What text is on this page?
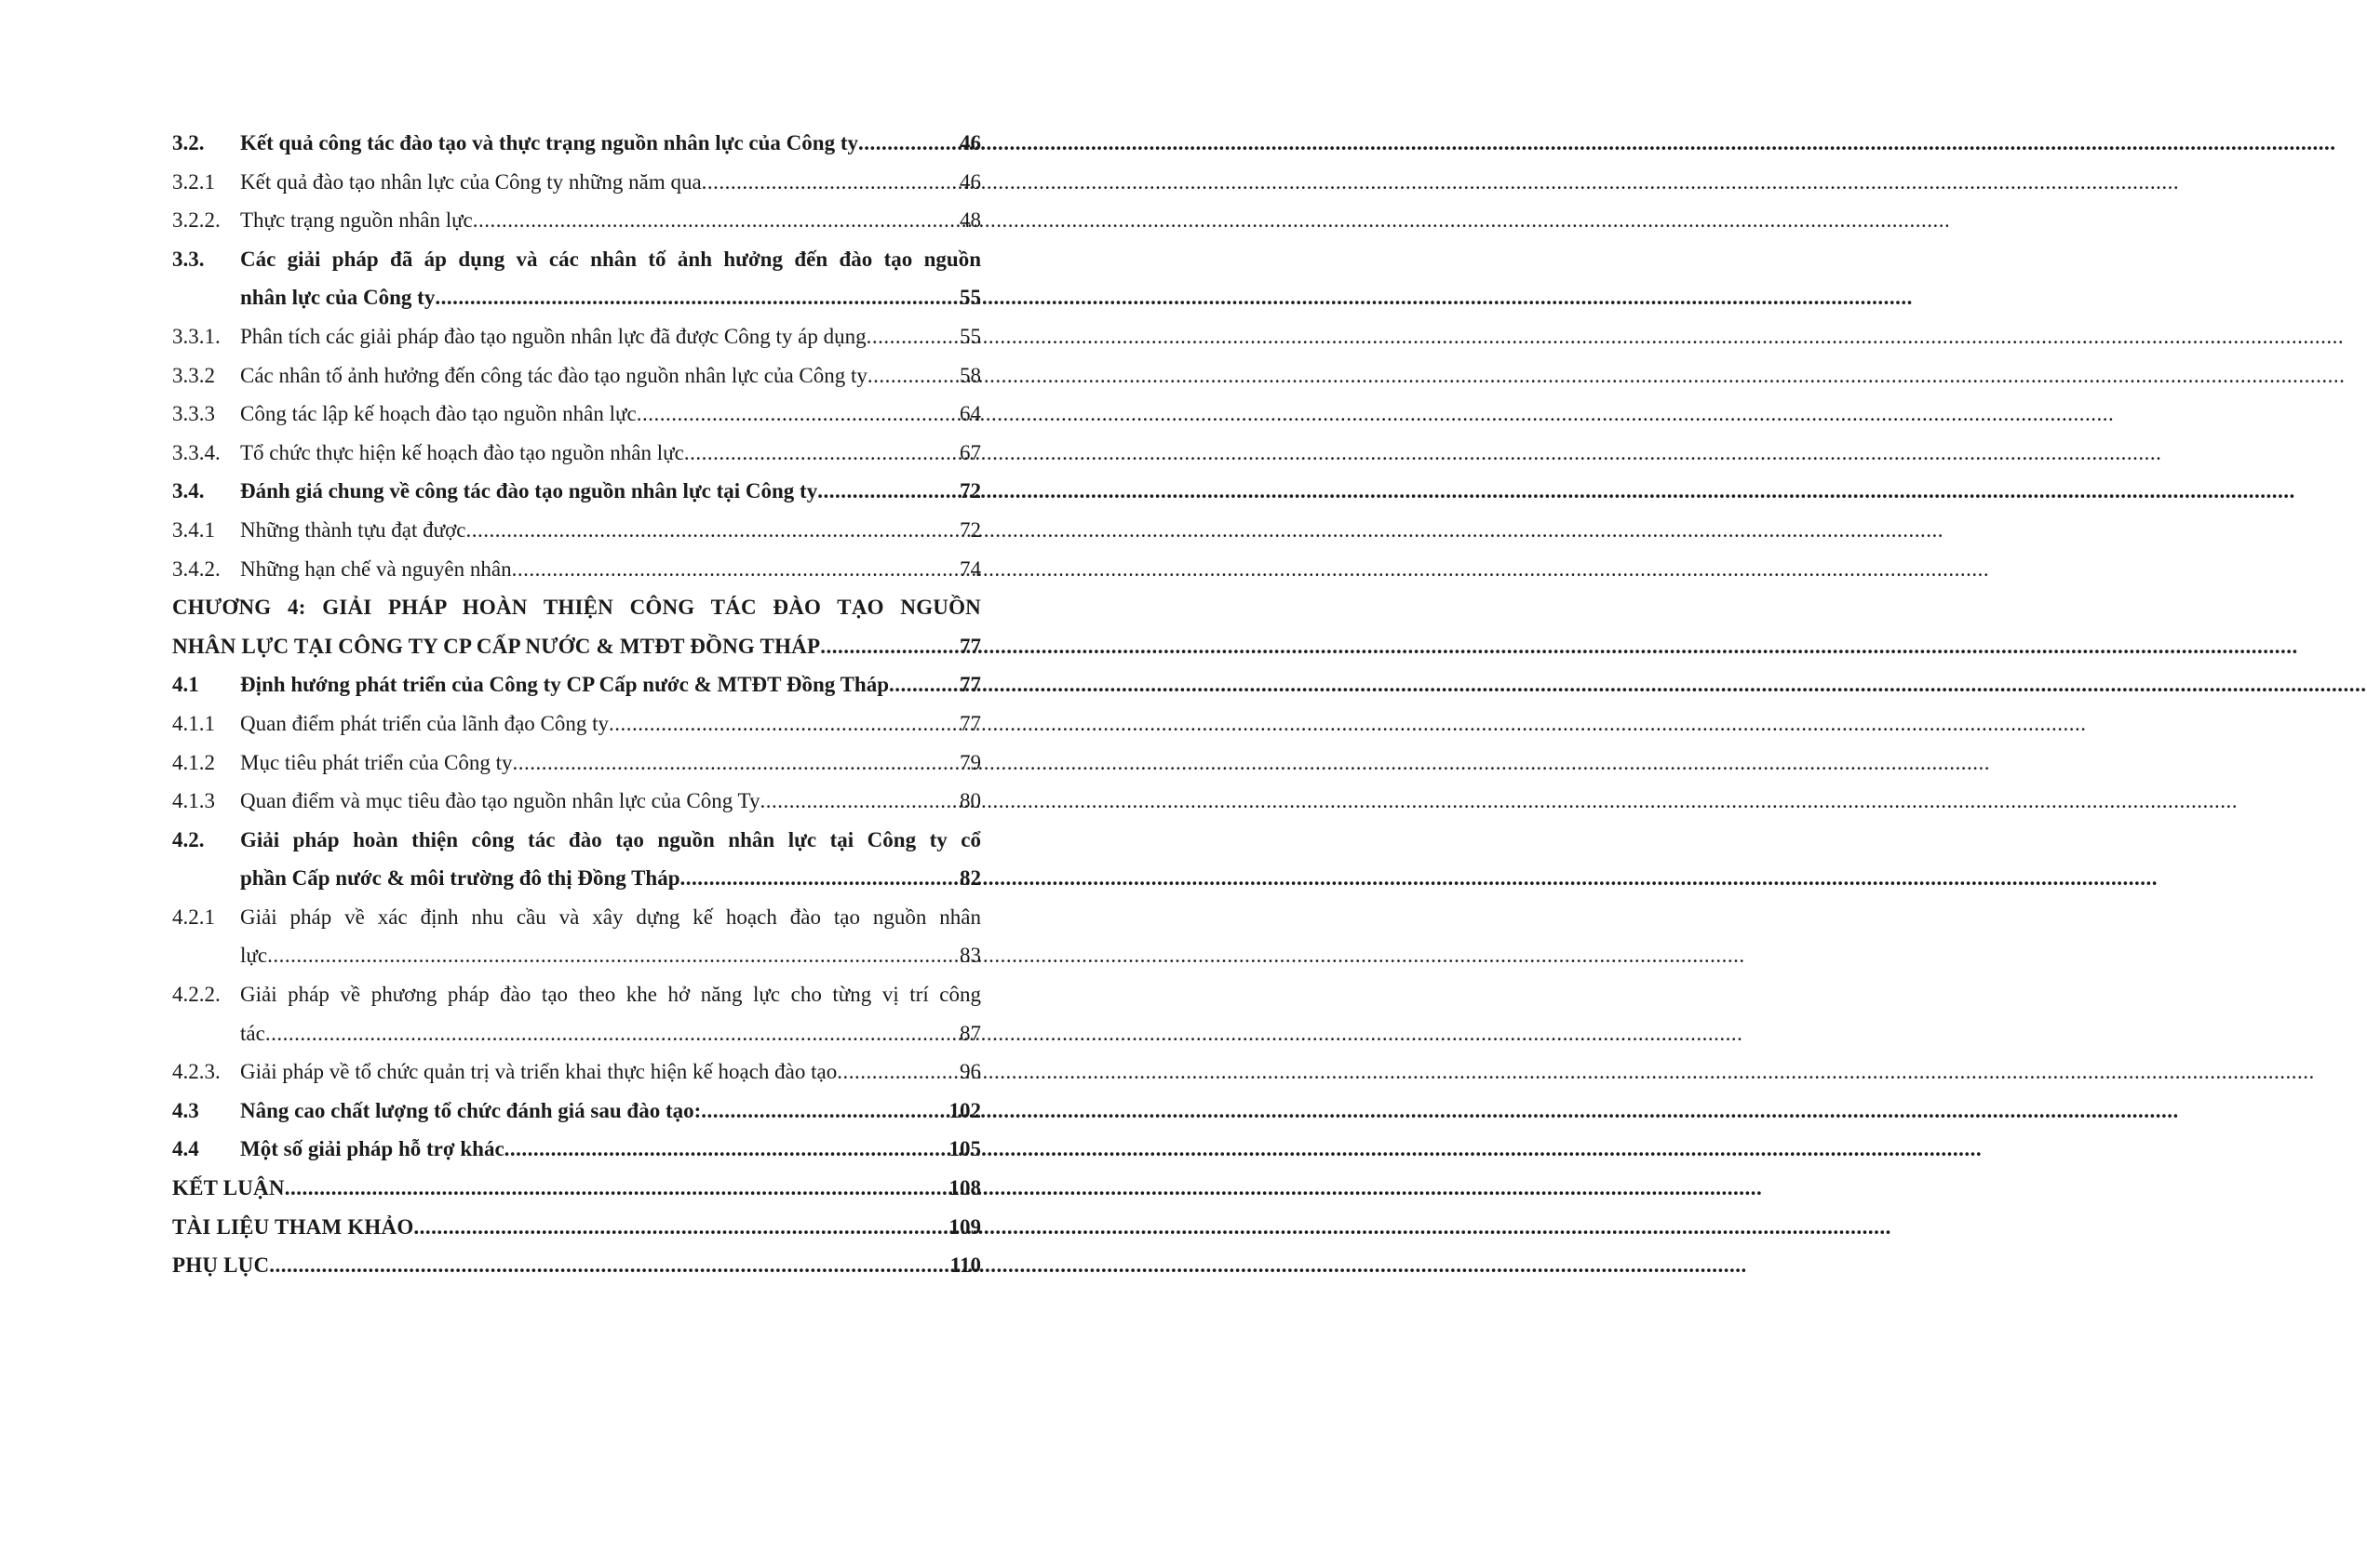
3.2.	Kết quả công tác đào tạo và thực trạng nguồn nhân lực của Công ty .....	46
3.2.1	Kết quả đào tạo nhân lực của Công ty những năm qua .....	46
3.2.2. Thực trạng nguồn nhân lực .....	48
3.3.	Các giải pháp đã áp dụng và các nhân tố ảnh hưởng đến đào tạo nguồn
nhân lực của Công ty .....	55
3.3.1. Phân tích các giải pháp đào tạo nguồn nhân lực đã được Công ty áp dụng .....	55
3.3.2	Các nhân tố ảnh hưởng đến công tác đào tạo nguồn nhân lực của Công ty .....	58
3.3.3	Công tác lập kế hoạch đào tạo nguồn nhân lực .....	64
3.3.4. Tổ chức thực hiện kế hoạch đào tạo nguồn nhân lực .....	67
3.4.	Đánh giá chung về công tác đào tạo nguồn nhân lực tại Công ty .....	72
3.4.1	Những thành tựu đạt được .....	72
3.4.2. Những hạn chế và nguyên nhân .....	74
CHƯƠNG 4: GIẢI PHÁP HOÀN THIỆN CÔNG TÁC ĐÀO TẠO NGUỒN
NHÂN LỰC TẠI CÔNG TY CP CẤP NƯỚC & MTĐT ĐỒNG THÁP .....	77
4.1	Định hướng phát triển của Công ty CP Cấp nước & MTĐT Đồng Tháp .....	77
4.1.1	Quan điểm phát triển của lãnh đạo Công ty .....	77
4.1.2	Mục tiêu phát triển của Công ty .....	79
4.1.3	Quan điểm và mục tiêu đào tạo nguồn nhân lực của Công Ty .....	80
4.2.	Giải pháp hoàn thiện công tác đào tạo nguồn nhân lực tại Công ty cổ
phần Cấp nước & môi trường đô thị Đồng Tháp .....	82
4.2.1	Giải pháp về xác định nhu cầu và xây dựng kế hoạch đào tạo nguồn nhân
lực .....	83
4.2.2. Giải pháp về phương pháp đào tạo theo khe hở năng lực cho từng vị trí công
tác .....	87
4.2.3. Giải pháp về tổ chức quản trị và triển khai thực hiện kế hoạch đào tạo .....	96
4.3	Nâng cao chất lượng tổ chức đánh giá sau đào tạo: .....	102
4.4	Một số giải pháp hỗ trợ khác .....	105
KẾT LUẬN .....	108
TÀI LIỆU THAM KHẢO .....	109
PHỤ LỤC .....	110
